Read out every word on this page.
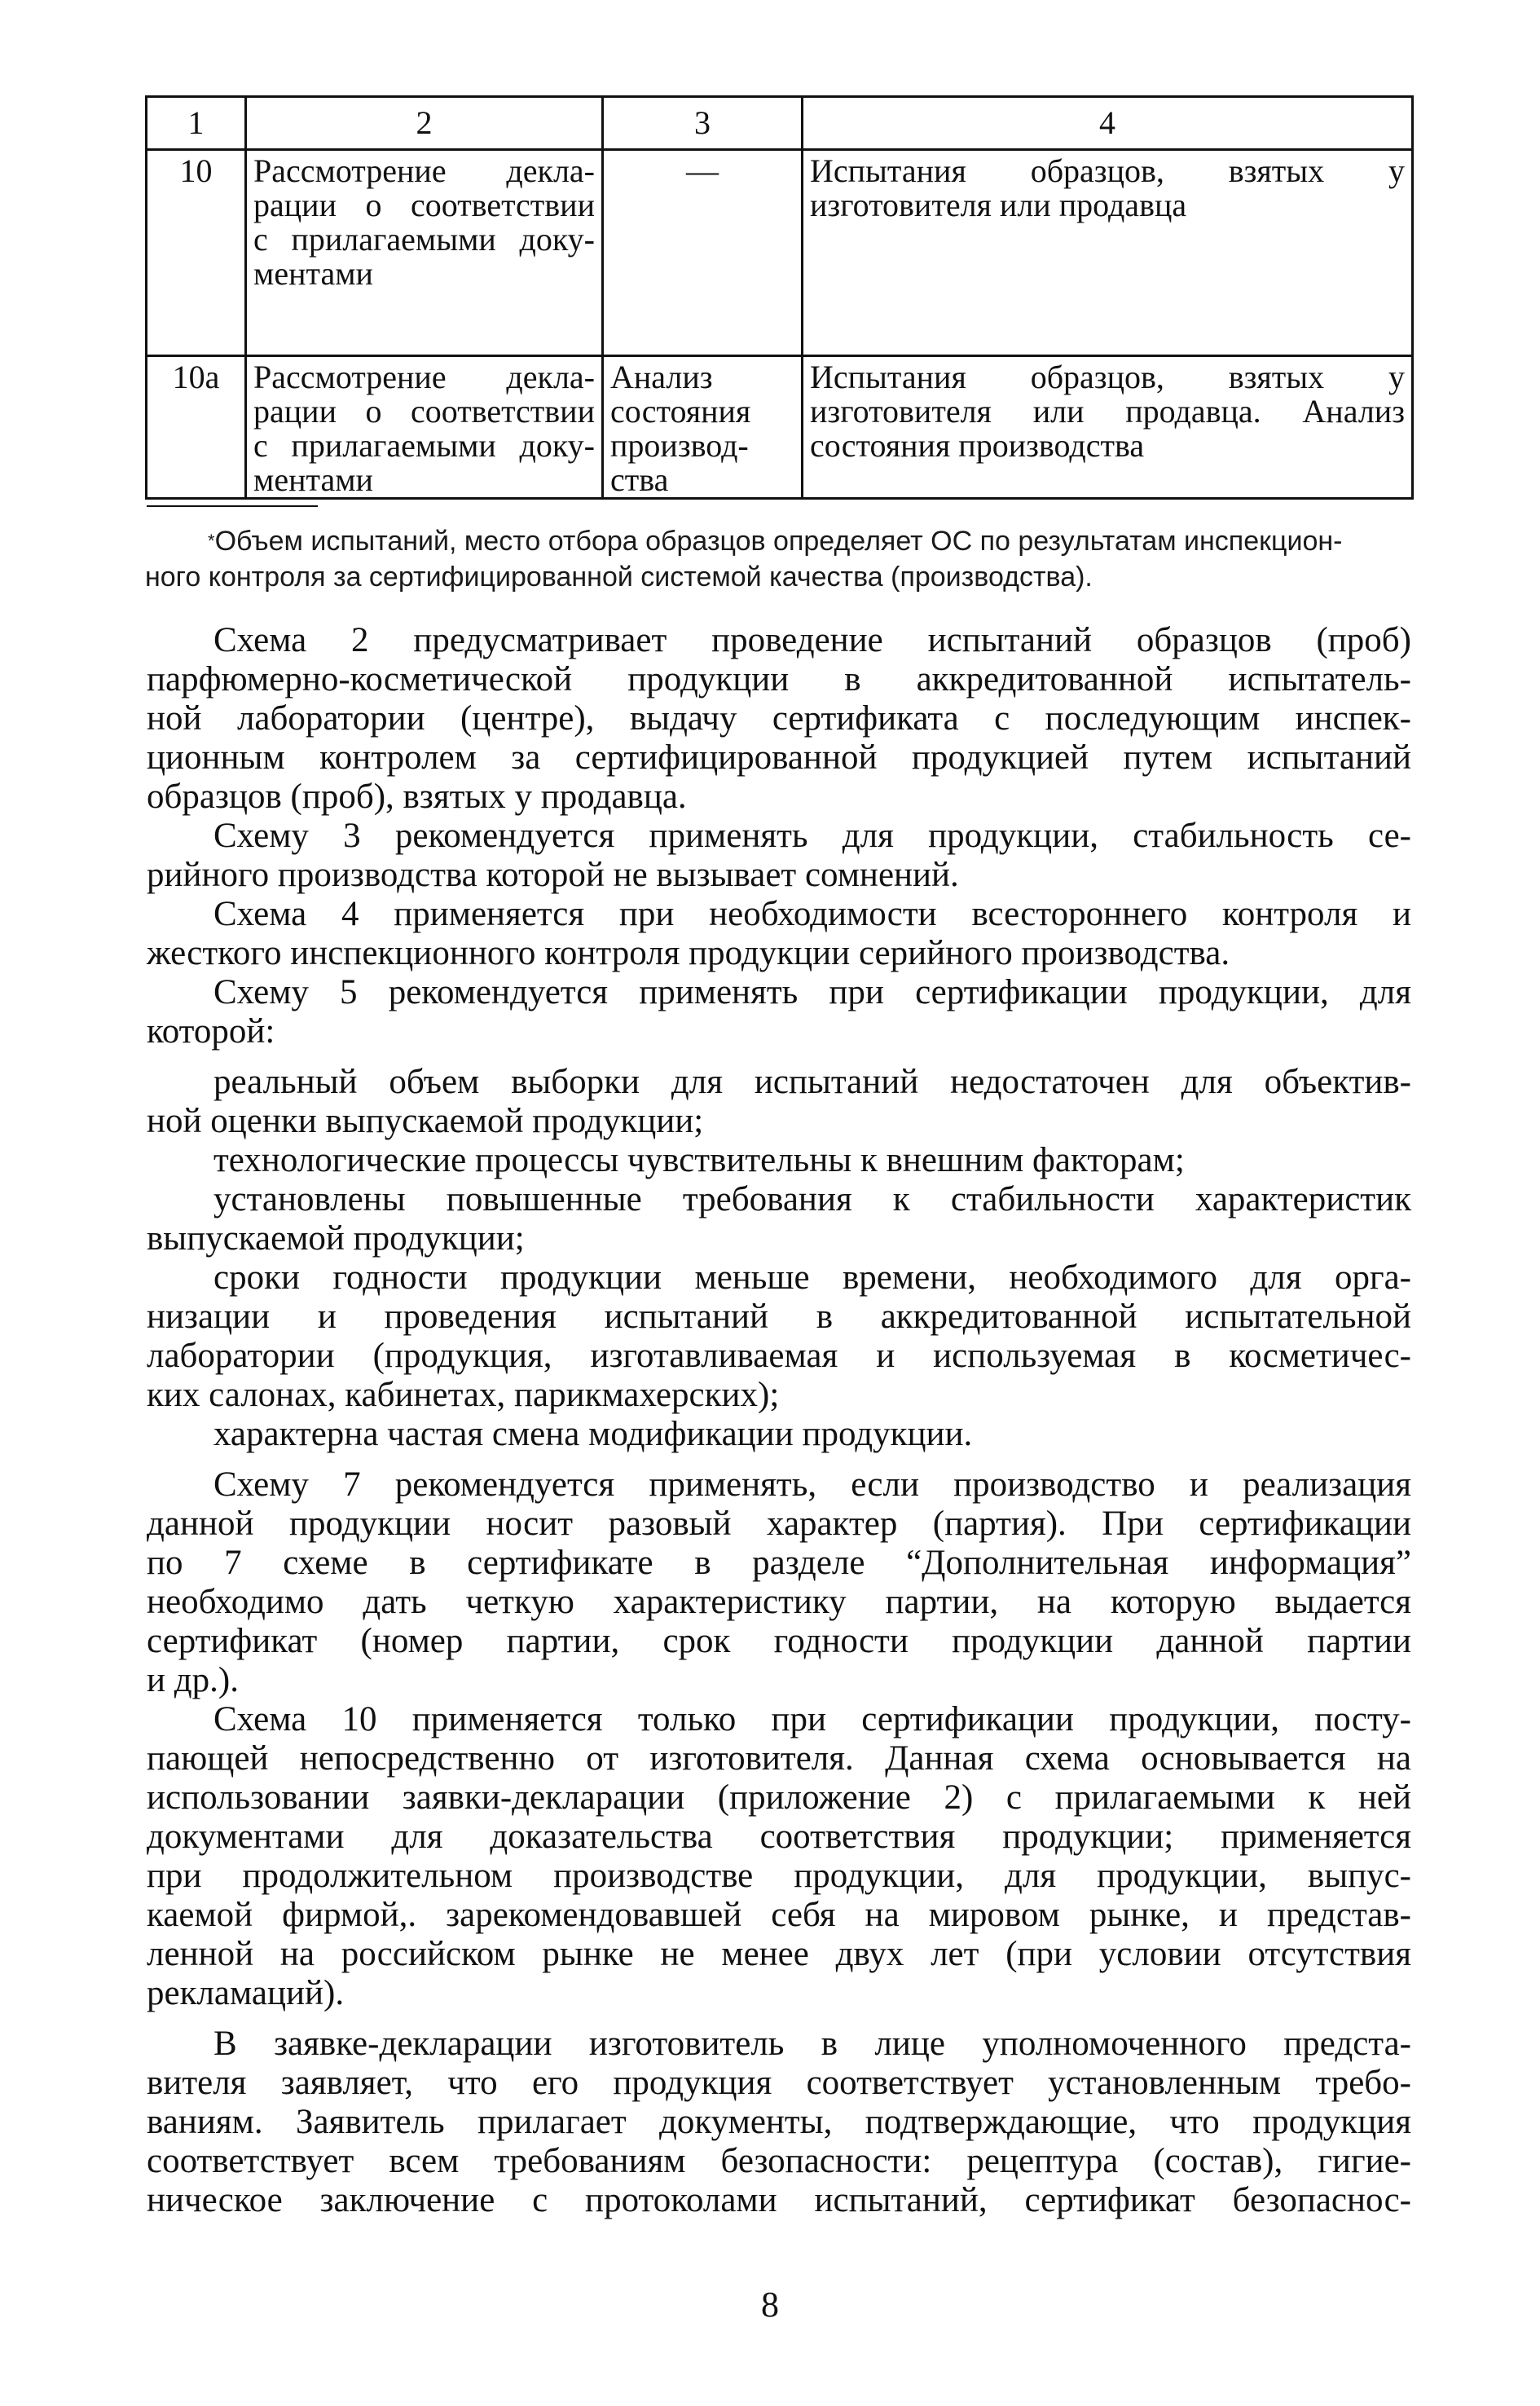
1	2	3	4
10	Рассмотрение декла-
рации о соответствии
с прилагаемыми доку-
ментами	—	Испытания образцов, взятых у
изготовителя или продавца

10а	Рассмотрение декла-
рации о соответствии
с прилагаемыми доку-
ментами	Анализ
состояния
производ-
ства	Испытания образцов, взятых у
изготовителя или продавца. Анализ
состояния производства
*Объем испытаний, место отбора образцов определяет ОС по результатам инспекцион-
ного контроля за сертифицированной системой качества (производства).
Схема 2 предусматривает проведение испытаний образцов (проб)
парфюмерно-косметической продукции в аккредитованной испытатель-
ной лаборатории (центре), выдачу сертификата с последующим инспек-
ционным контролем за сертифицированной продукцией путем испытаний
образцов (проб), взятых у продавца.
Схему 3 рекомендуется применять для продукции, стабильность се-
рийного производства которой не вызывает сомнений.
Схема 4 применяется при необходимости всестороннего контроля и
жесткого инспекционного контроля продукции серийного производства.
Схему 5 рекомендуется применять при сертификации продукции, для
которой:
реальный объем выборки для испытаний недостаточен для объектив-
ной оценки выпускаемой продукции;
технологические процессы чувствительны к внешним факторам;
установлены повышенные требования к стабильности характеристик
выпускаемой продукции;
сроки годности продукции меньше времени, необходимого для орга-
низации и проведения испытаний в аккредитованной испытательной
лаборатории (продукция, изготавливаемая и используемая в косметичес-
ких салонах, кабинетах, парикмахерских);
характерна частая смена модификации продукции.
Схему 7 рекомендуется применять, если производство и реализация
данной продукции носит разовый характер (партия). При сертификации
по 7 схеме в сертификате в разделе “Дополнительная информация”
необходимо дать четкую характеристику партии, на которую выдается
сертификат (номер партии, срок годности продукции данной партии
и др.).
Схема 10 применяется только при сертификации продукции, посту-
пающей непосредственно от изготовителя. Данная схема основывается на
использовании заявки-декларации (приложение 2) с прилагаемыми к ней
документами для доказательства соответствия продукции; применяется
при продолжительном производстве продукции, для продукции, выпус-
каемой фирмой,. зарекомендовавшей себя на мировом рынке, и представ-
ленной на российском рынке не менее двух лет (при условии отсутствия
рекламаций).
В заявке-декларации изготовитель в лице уполномоченного предста-
вителя заявляет, что его продукция соответствует установленным требо-
ваниям. Заявитель прилагает документы, подтверждающие, что продукция
соответствует всем требованиям безопасности: рецептура (состав), гигие-
ническое заключение с протоколами испытаний, сертификат безопаснос-
8
